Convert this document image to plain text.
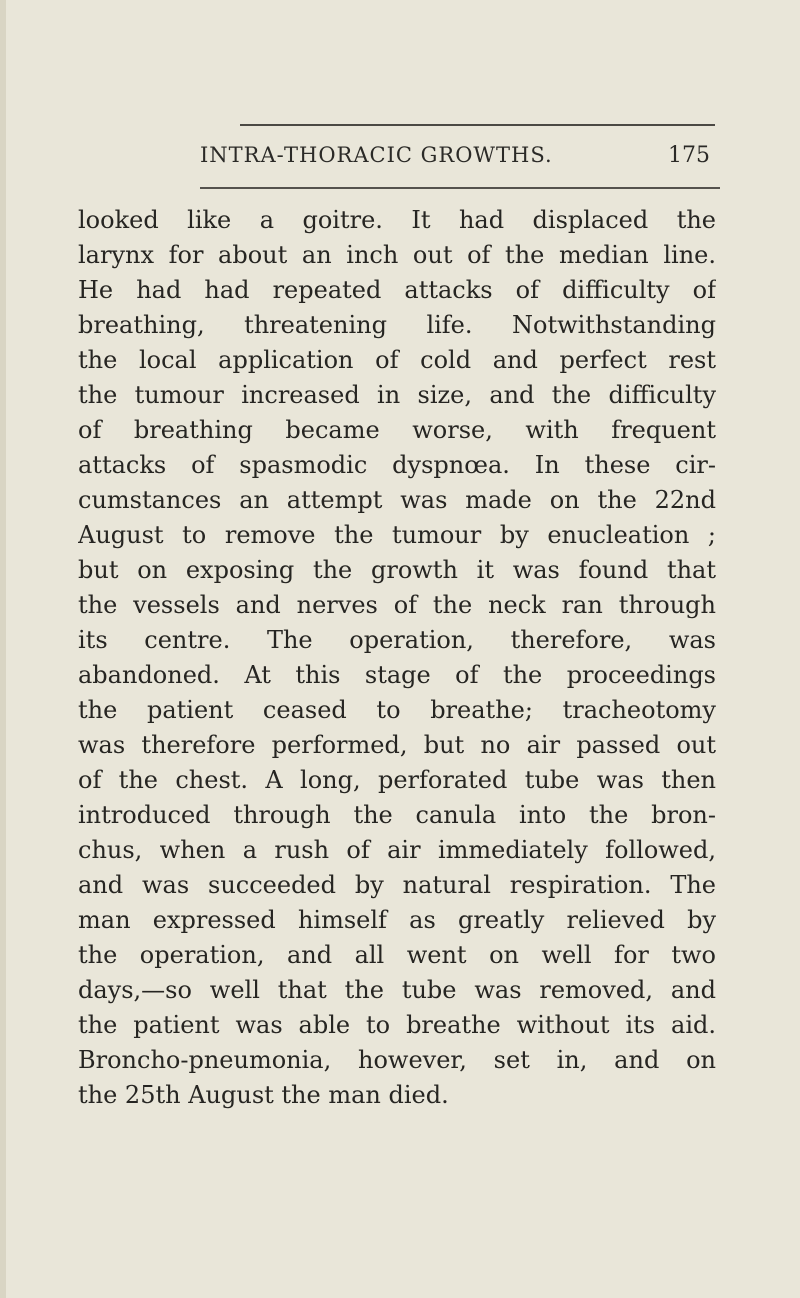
INTRA-THORACIC GROWTHS.	175
looked like a goitre. It had displaced the
larynx for about an inch out of the median line.
He had had repeated attacks of difficulty of
breathing, threatening life. Notwithstanding
the local application of cold and perfect rest
the tumour increased in size, and the difficulty
of breathing became worse, with frequent
attacks of spasmodic dyspnœa. In these cir-
cumstances an attempt was made on the 22nd
August to remove the tumour by enucleation ;
but on exposing the growth it was found that
the vessels and nerves of the neck ran through
its centre. The operation, therefore, was
abandoned. At this stage of the proceedings
the patient ceased to breathe; tracheotomy
was therefore performed, but no air passed out
of the chest. A long, perforated tube was then
introduced through the canula into the bron-
chus, when a rush of air immediately followed,
and was succeeded by natural respiration. The
man expressed himself as greatly relieved by
the operation, and all went on well for two
days,—so well that the tube was removed, and
the patient was able to breathe without its aid.
Broncho-pneumonia, however, set in, and on
the 25th August the man died.
